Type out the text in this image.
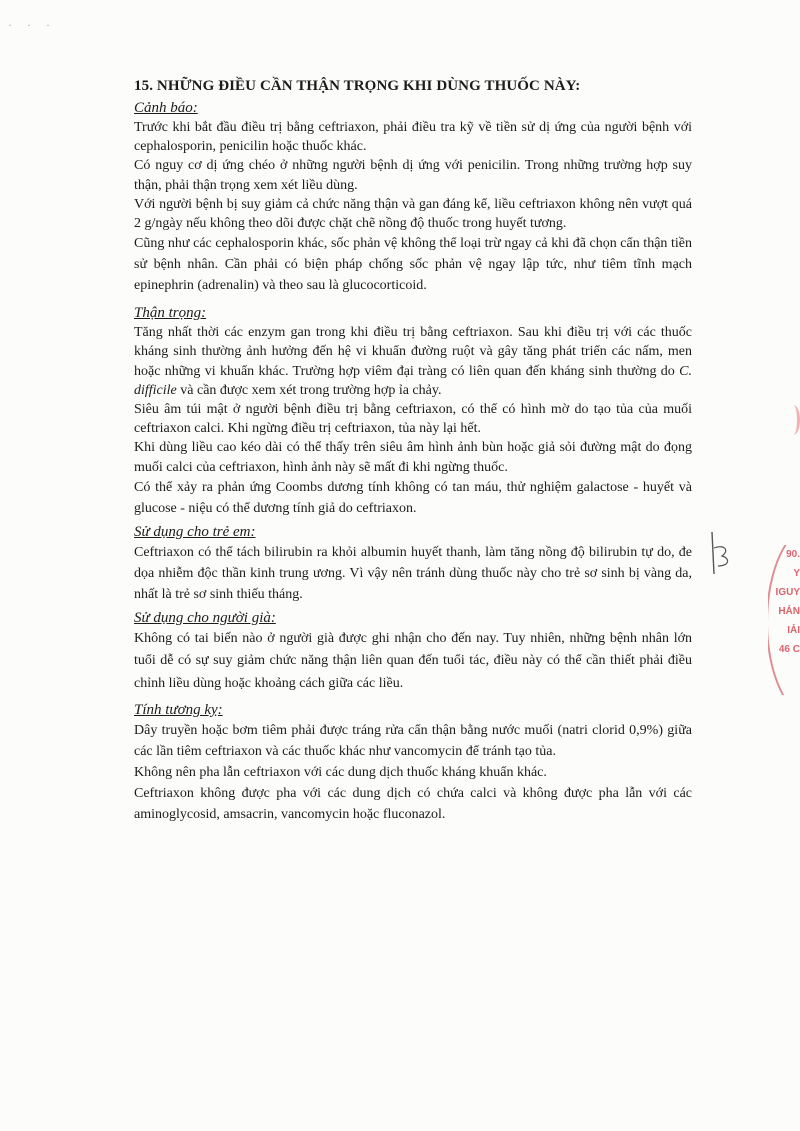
· · ·
90.
Y
IGUY
HẢN
IẢI
46 C
15. NHỮNG ĐIỀU CẦN THẬN TRỌNG KHI DÙNG THUỐC NÀY:
Cảnh báo:

Trước khi bắt đầu điều trị bằng ceftriaxon, phải điều tra kỹ về tiền sử dị ứng của người bệnh với cephalosporin, penicilin hoặc thuốc khác.

Có nguy cơ dị ứng chéo ở những người bệnh dị ứng với penicilin. Trong những trường hợp suy thận, phải thận trọng xem xét liều dùng.

Với người bệnh bị suy giảm cả chức năng thận và gan đáng kể, liều ceftriaxon không nên vượt quá 2 g/ngày nếu không theo dõi được chặt chẽ nồng độ thuốc trong huyết tương.

Cũng như các cephalosporin khác, sốc phản vệ không thể loại trừ ngay cả khi đã chọn cẩn thận tiền sử bệnh nhân. Cần phải có biện pháp chống sốc phản vệ ngay lập tức, như tiêm tĩnh mạch epinephrin (adrenalin) và theo sau là glucocorticoid.

Thận trọng:

Tăng nhất thời các enzym gan trong khi điều trị bằng ceftriaxon. Sau khi điều trị với các thuốc kháng sinh thường ảnh hưởng đến hệ vi khuẩn đường ruột và gây tăng phát triển các nấm, men hoặc những vi khuẩn khác. Trường hợp viêm đại tràng có liên quan đến kháng sinh thường do C. difficile và cần được xem xét trong trường hợp ỉa chảy.

Siêu âm túi mật ở người bệnh điều trị bằng ceftriaxon, có thể có hình mờ do tạo tủa của muối ceftriaxon calci. Khi ngừng điều trị ceftriaxon, tủa này lại hết.

Khi dùng liều cao kéo dài có thể thấy trên siêu âm hình ảnh bùn hoặc giả sỏi đường mật do đọng muối calci của ceftriaxon, hình ảnh này sẽ mất đi khi ngừng thuốc.

Có thể xảy ra phản ứng Coombs dương tính không có tan máu, thử nghiệm galactose - huyết và glucose - niệu có thể dương tính giả do ceftriaxon.

Sử dụng cho trẻ em:

Ceftriaxon có thể tách bilirubin ra khỏi albumin huyết thanh, làm tăng nồng độ bilirubin tự do, đe dọa nhiễm độc thần kinh trung ương. Vì vậy nên tránh dùng thuốc này cho trẻ sơ sinh bị vàng da, nhất là trẻ sơ sinh thiếu tháng.

Sử dụng cho người già:

Không có tai biến nào ở người già được ghi nhận cho đến nay. Tuy nhiên, những bệnh nhân lớn tuổi dễ có sự suy giảm chức năng thận liên quan đến tuổi tác, điều này có thể cần thiết phải điều chỉnh liều dùng hoặc khoảng cách giữa các liều.

Tính tương kỵ:

Dây truyền hoặc bơm tiêm phải được tráng rửa cẩn thận bằng nước muối (natri clorid 0,9%) giữa các lần tiêm ceftriaxon và các thuốc khác như vancomycin để tránh tạo tủa.

Không nên pha lẫn ceftriaxon với các dung dịch thuốc kháng khuẩn khác.

Ceftriaxon không được pha với các dung dịch có chứa calci và không được pha lẫn với các aminoglycosid, amsacrin, vancomycin hoặc fluconazol.
